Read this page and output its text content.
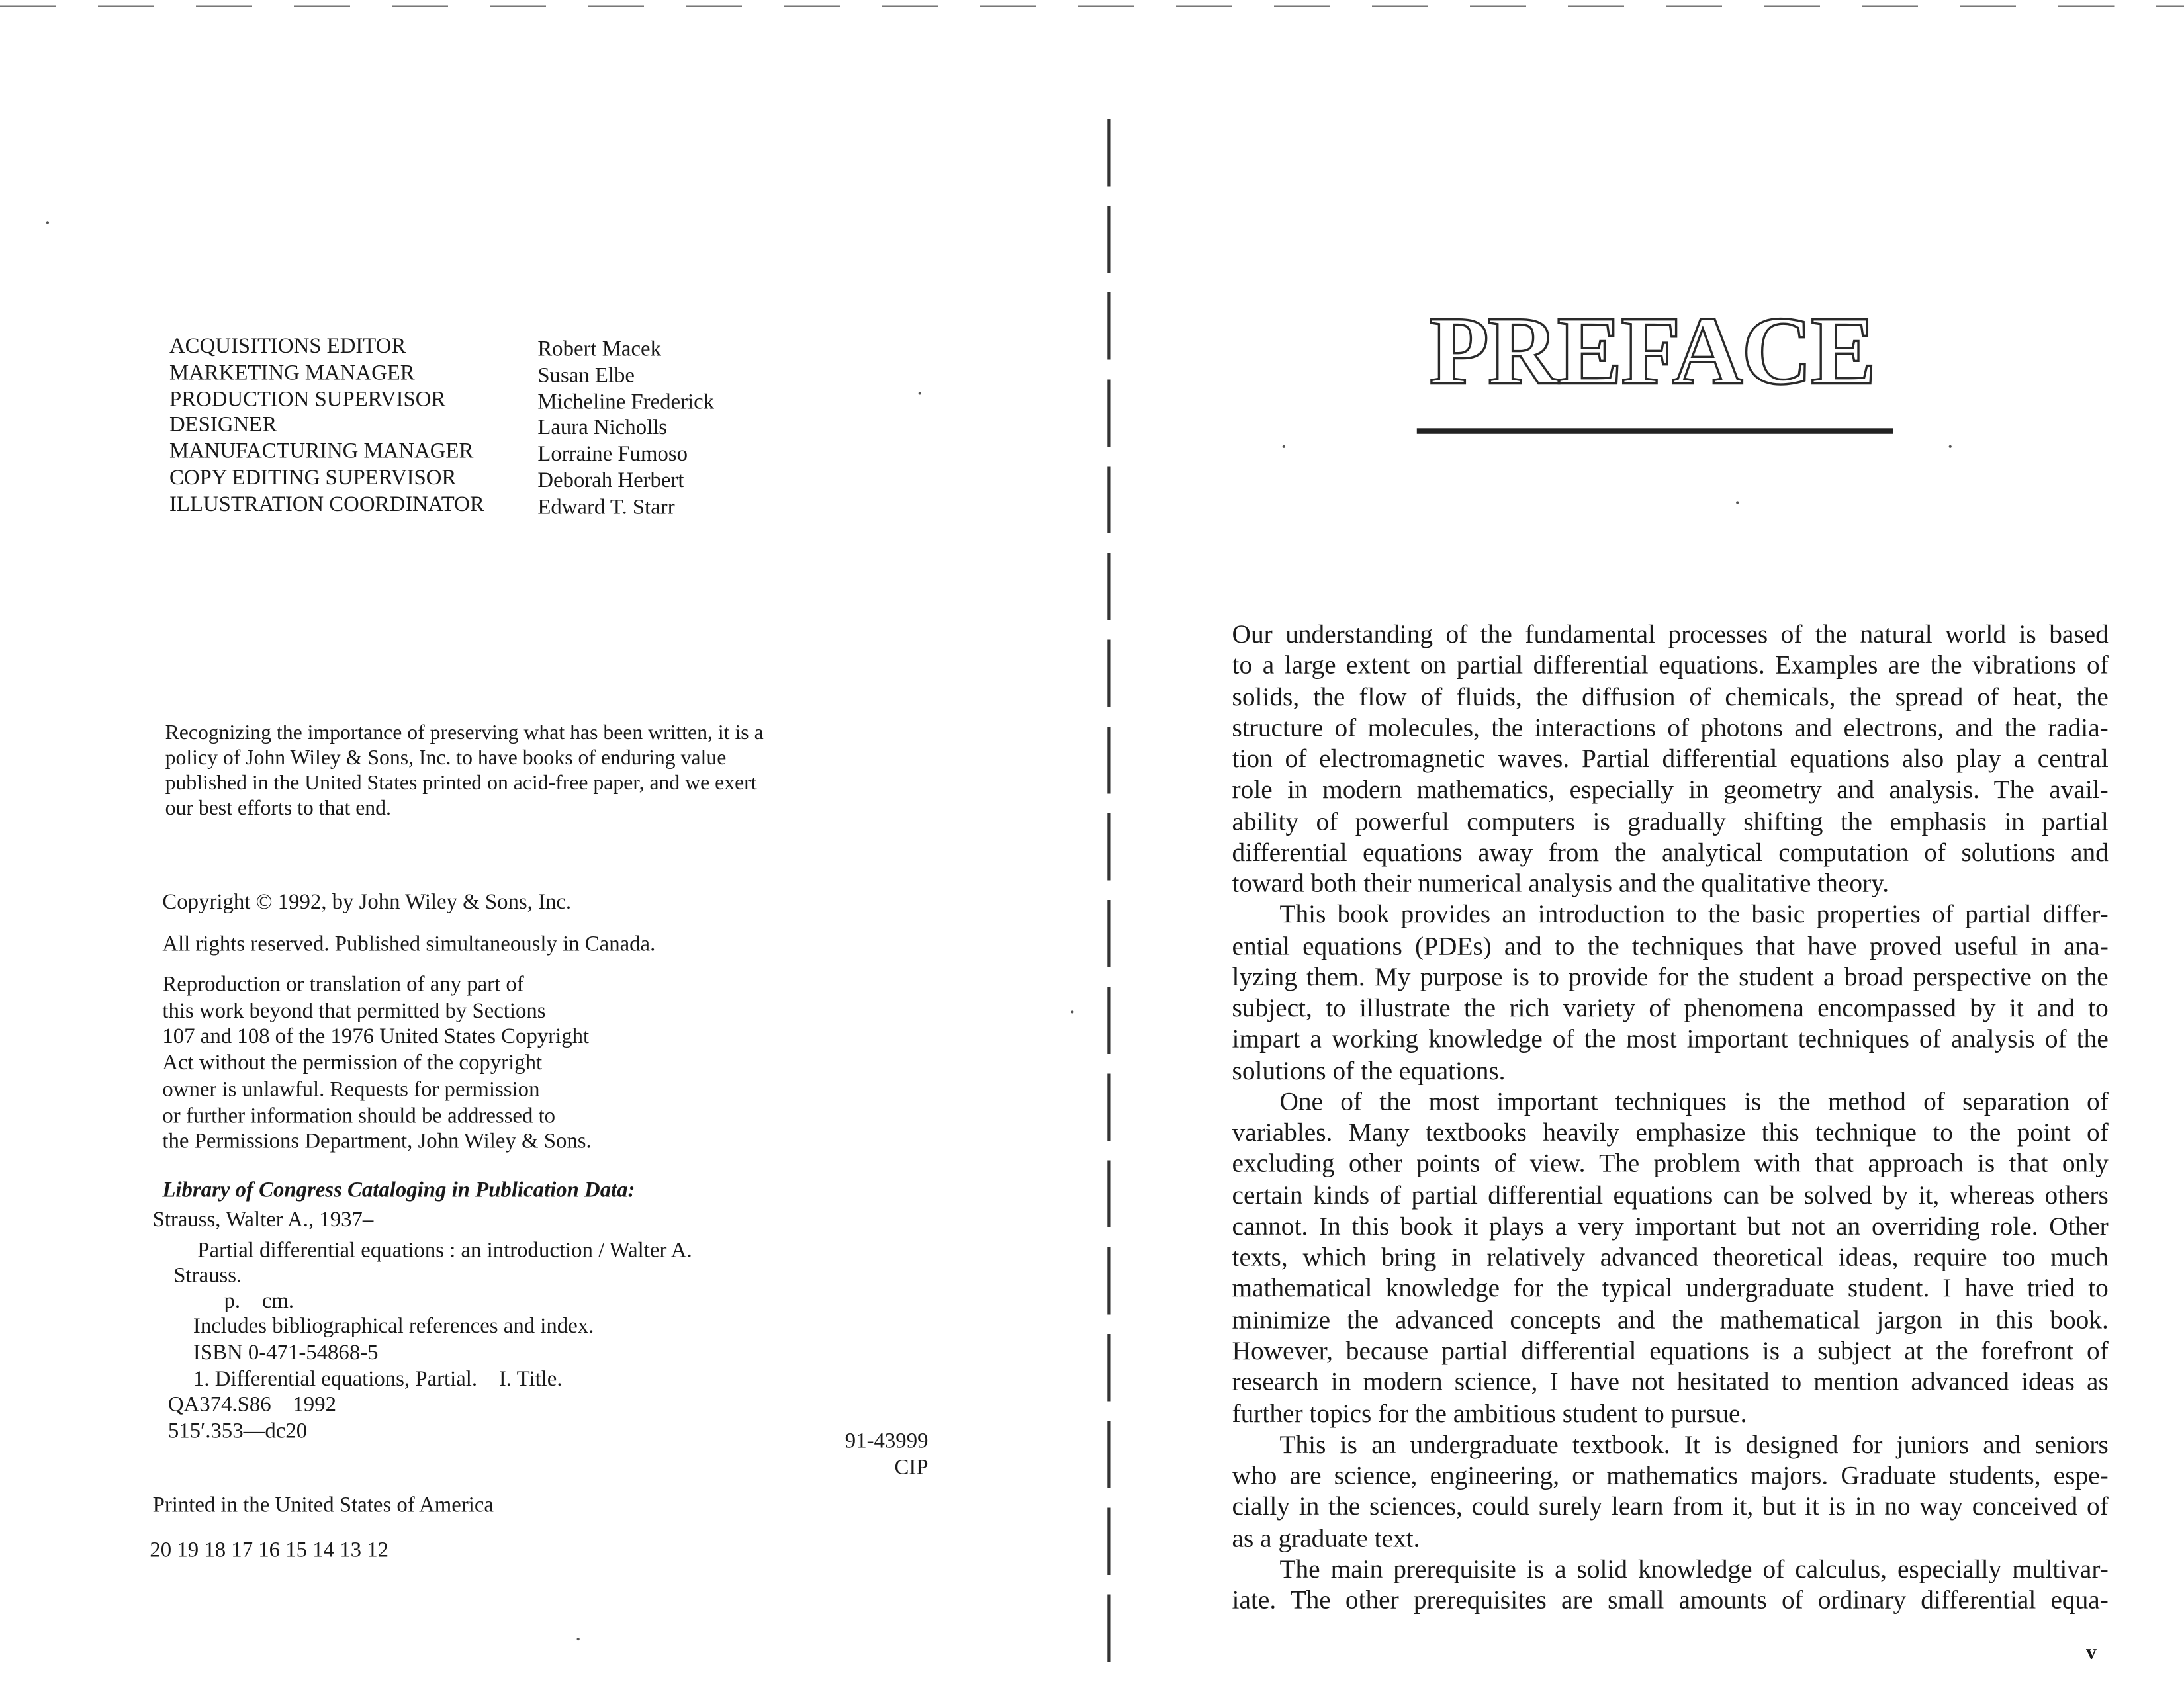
ACQUISITIONS EDITOR	Robert Macek
MARKETING MANAGER	Susan Elbe
PRODUCTION SUPERVISOR	Micheline Frederick
DESIGNER	Laura Nicholls
MANUFACTURING MANAGER	Lorraine Fumoso
COPY EDITING SUPERVISOR	Deborah Herbert
ILLUSTRATION COORDINATOR	Edward T. Starr
Recognizing the importance of preserving what has been written, it is a
policy of John Wiley & Sons, Inc. to have books of enduring value
published in the United States printed on acid-free paper, and we exert
our best efforts to that end.
Copyright © 1992, by John Wiley & Sons, Inc.
All rights reserved. Published simultaneously in Canada.
Reproduction or translation of any part of
this work beyond that permitted by Sections
107 and 108 of the 1976 United States Copyright
Act without the permission of the copyright
owner is unlawful. Requests for permission
or further information should be addressed to
the Permissions Department, John Wiley & Sons.
Library of Congress Cataloging in Publication Data:
Strauss, Walter A., 1937–
Partial differential equations : an introduction / Walter A.
Strauss.
p.    cm.
Includes bibliographical references and index.
ISBN 0-471-54868-5
1. Differential equations, Partial.    I. Title.
QA374.S86    1992
515′.353—dc20	91-43999
CIP
Printed in the United States of America
20 19 18 17 16 15 14 13 12
PREFACE
Our understanding of the fundamental processes of the natural world is based
to a large extent on partial differential equations. Examples are the vibrations of
solids, the flow of fluids, the diffusion of chemicals, the spread of heat, the
structure of molecules, the interactions of photons and electrons, and the radia-
tion of electromagnetic waves. Partial differential equations also play a central
role in modern mathematics, especially in geometry and analysis. The avail-
ability of powerful computers is gradually shifting the emphasis in partial
differential equations away from the analytical computation of solutions and
toward both their numerical analysis and the qualitative theory.
This book provides an introduction to the basic properties of partial differ-
ential equations (PDEs) and to the techniques that have proved useful in ana-
lyzing them. My purpose is to provide for the student a broad perspective on the
subject, to illustrate the rich variety of phenomena encompassed by it and to
impart a working knowledge of the most important techniques of analysis of the
solutions of the equations.
One of the most important techniques is the method of separation of
variables. Many textbooks heavily emphasize this technique to the point of
excluding other points of view. The problem with that approach is that only
certain kinds of partial differential equations can be solved by it, whereas others
cannot. In this book it plays a very important but not an overriding role. Other
texts, which bring in relatively advanced theoretical ideas, require too much
mathematical knowledge for the typical undergraduate student. I have tried to
minimize the advanced concepts and the mathematical jargon in this book.
However, because partial differential equations is a subject at the forefront of
research in modern science, I have not hesitated to mention advanced ideas as
further topics for the ambitious student to pursue.
This is an undergraduate textbook. It is designed for juniors and seniors
who are science, engineering, or mathematics majors. Graduate students, espe-
cially in the sciences, could surely learn from it, but it is in no way conceived of
as a graduate text.
The main prerequisite is a solid knowledge of calculus, especially multivar-
iate. The other prerequisites are small amounts of ordinary differential equa-
v
